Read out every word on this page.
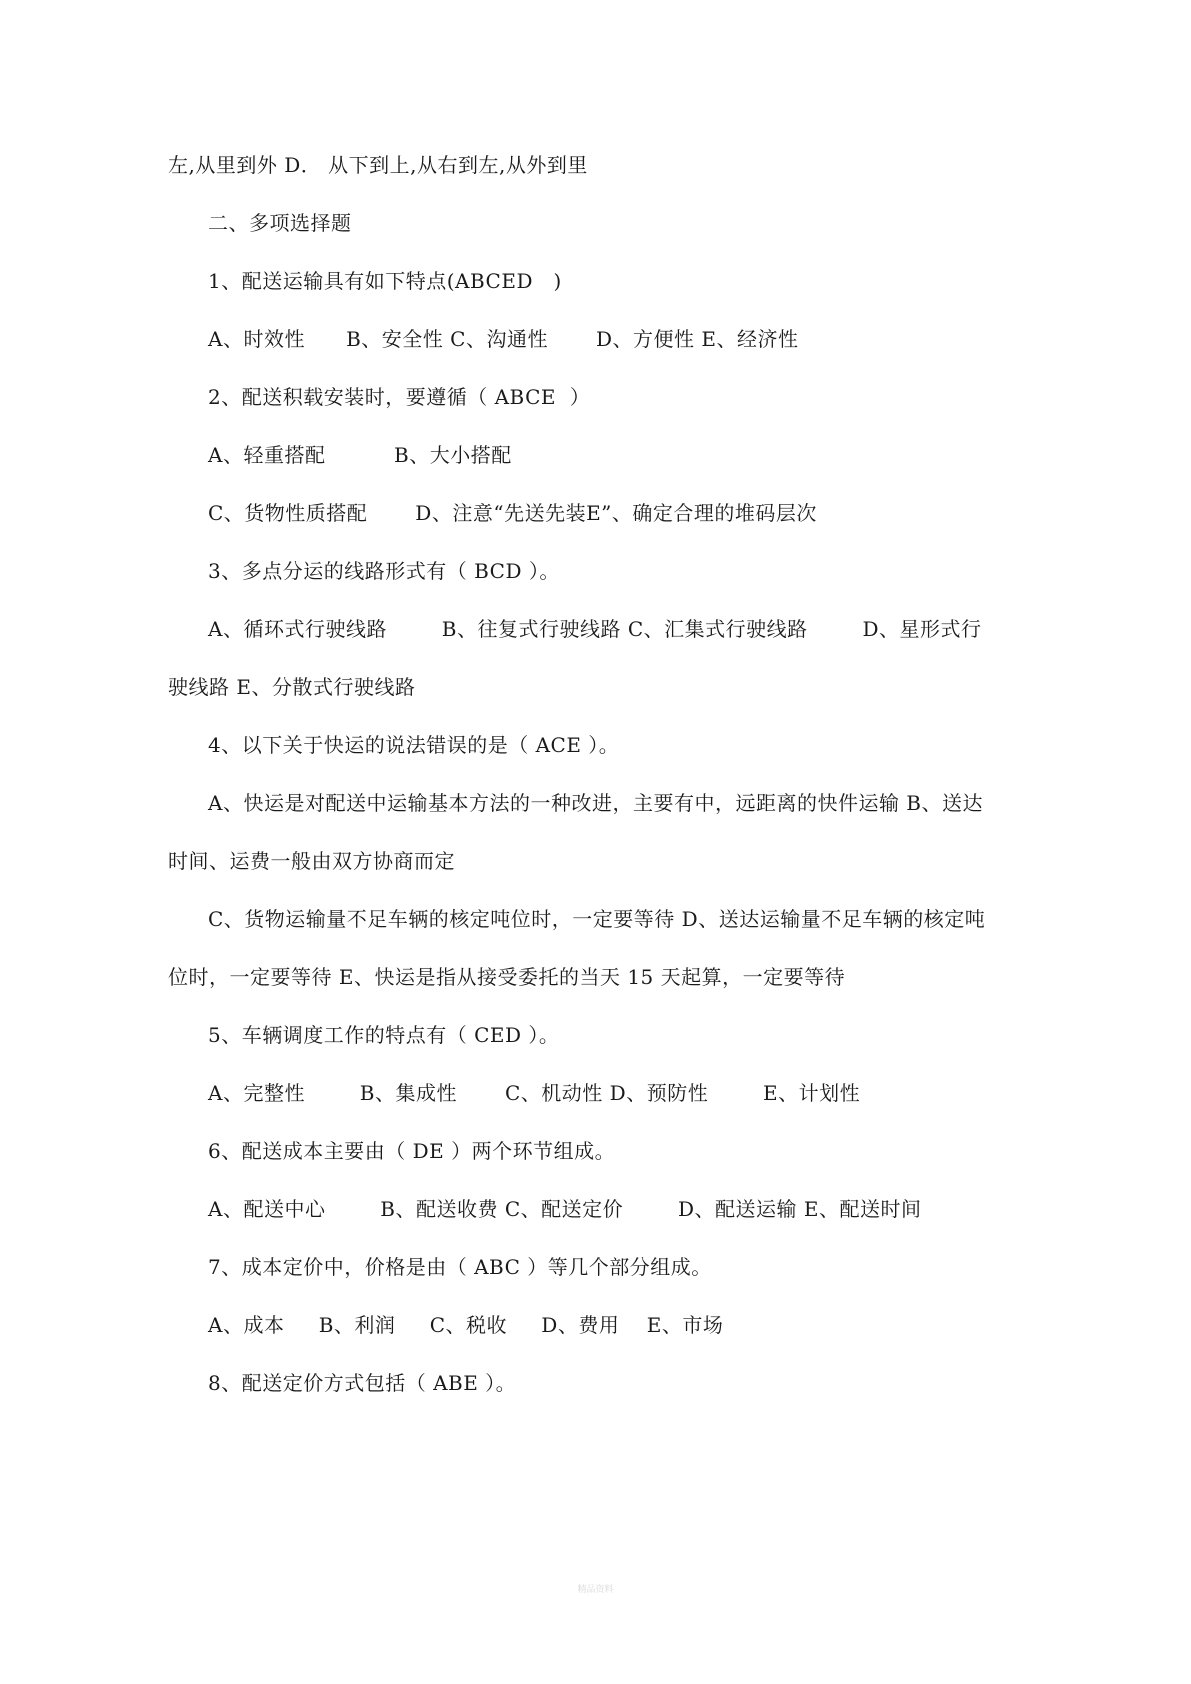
左,从里到外 D． 从下到上,从右到左,从外到里
二、多项选择题
1、配送运输具有如下特点(ABCED   )
A、时效性      B、安全性 C、沟通性       D、方便性 E、经济性
2、配送积载安装时，要遵循（ ABCE  ）
A、轻重搭配          B、大小搭配
C、货物性质搭配       D、注意“先送先装E”、确定合理的堆码层次
3、多点分运的线路形式有（ BCD ）。
A、循环式行驶线路        B、往复式行驶线路 C、汇集式行驶线路        D、星形式行
驶线路 E、分散式行驶线路
4、以下关于快运的说法错误的是（ ACE ）。
A、快运是对配送中运输基本方法的一种改进，主要有中，远距离的快件运输 B、送达
时间、运费一般由双方协商而定
C、货物运输量不足车辆的核定吨位时，一定要等待 D、送达运输量不足车辆的核定吨
位时，一定要等待 E、快运是指从接受委托的当天 15 天起算，一定要等待
5、车辆调度工作的特点有（ CED ）。
A、完整性        B、集成性       C、机动性 D、预防性        E、计划性
6、配送成本主要由（ DE ）两个环节组成。
A、配送中心        B、配送收费 C、配送定价        D、配送运输 E、配送时间
7、成本定价中，价格是由（ ABC ）等几个部分组成。
A、成本     B、利润     C、税收     D、费用    E、市场
8、配送定价方式包括（ ABE ）。
精品资料
